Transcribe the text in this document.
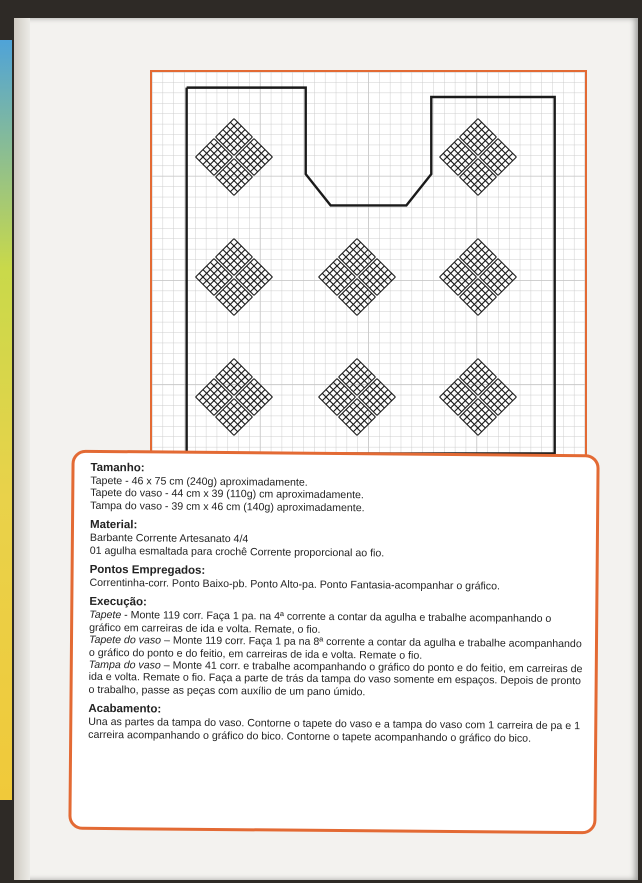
Tamanho:
Tapete - 46 x 75 cm (240g) aproximadamente.
Tapete do vaso - 44 cm x 39 (110g) cm aproximadamente.
Tampa do vaso - 39 cm x 46 cm (140g) aproximadamente.
Material:
Barbante Corrente Artesanato 4/4
01 agulha esmaltada para crochê Corrente proporcional ao fio.
Pontos Empregados:
Correntinha-corr. Ponto Baixo-pb. Ponto Alto-pa. Ponto Fantasia-acompanhar o gráfico.
Execução:
Tapete - Monte 119 corr. Faça 1 pa. na 4ª corrente a contar da agulha e trabalhe acompanhando o gráfico em carreiras de ida e volta. Remate, o fio.
Tapete do vaso – Monte 119 corr. Faça 1 pa na 8ª corrente a contar da agulha e trabalhe acompanhando o gráfico do ponto e do feitio, em carreiras de ida e volta. Remate o fio.
Tampa do vaso – Monte 41 corr. e trabalhe acompanhando o gráfico do ponto e do feitio, em carreiras de ida e volta. Remate o fio. Faça a parte de trás da tampa do vaso somente em espaços. Depois de pronto o trabalho, passe as peças com auxílio de um pano úmido.
Acabamento:
Una as partes da tampa do vaso. Contorne o tapete do vaso e a tampa do vaso com 1 carreira de pa e 1 carreira acompanhando o gráfico do bico. Contorne o tapete acompanhando o gráfico do bico.
